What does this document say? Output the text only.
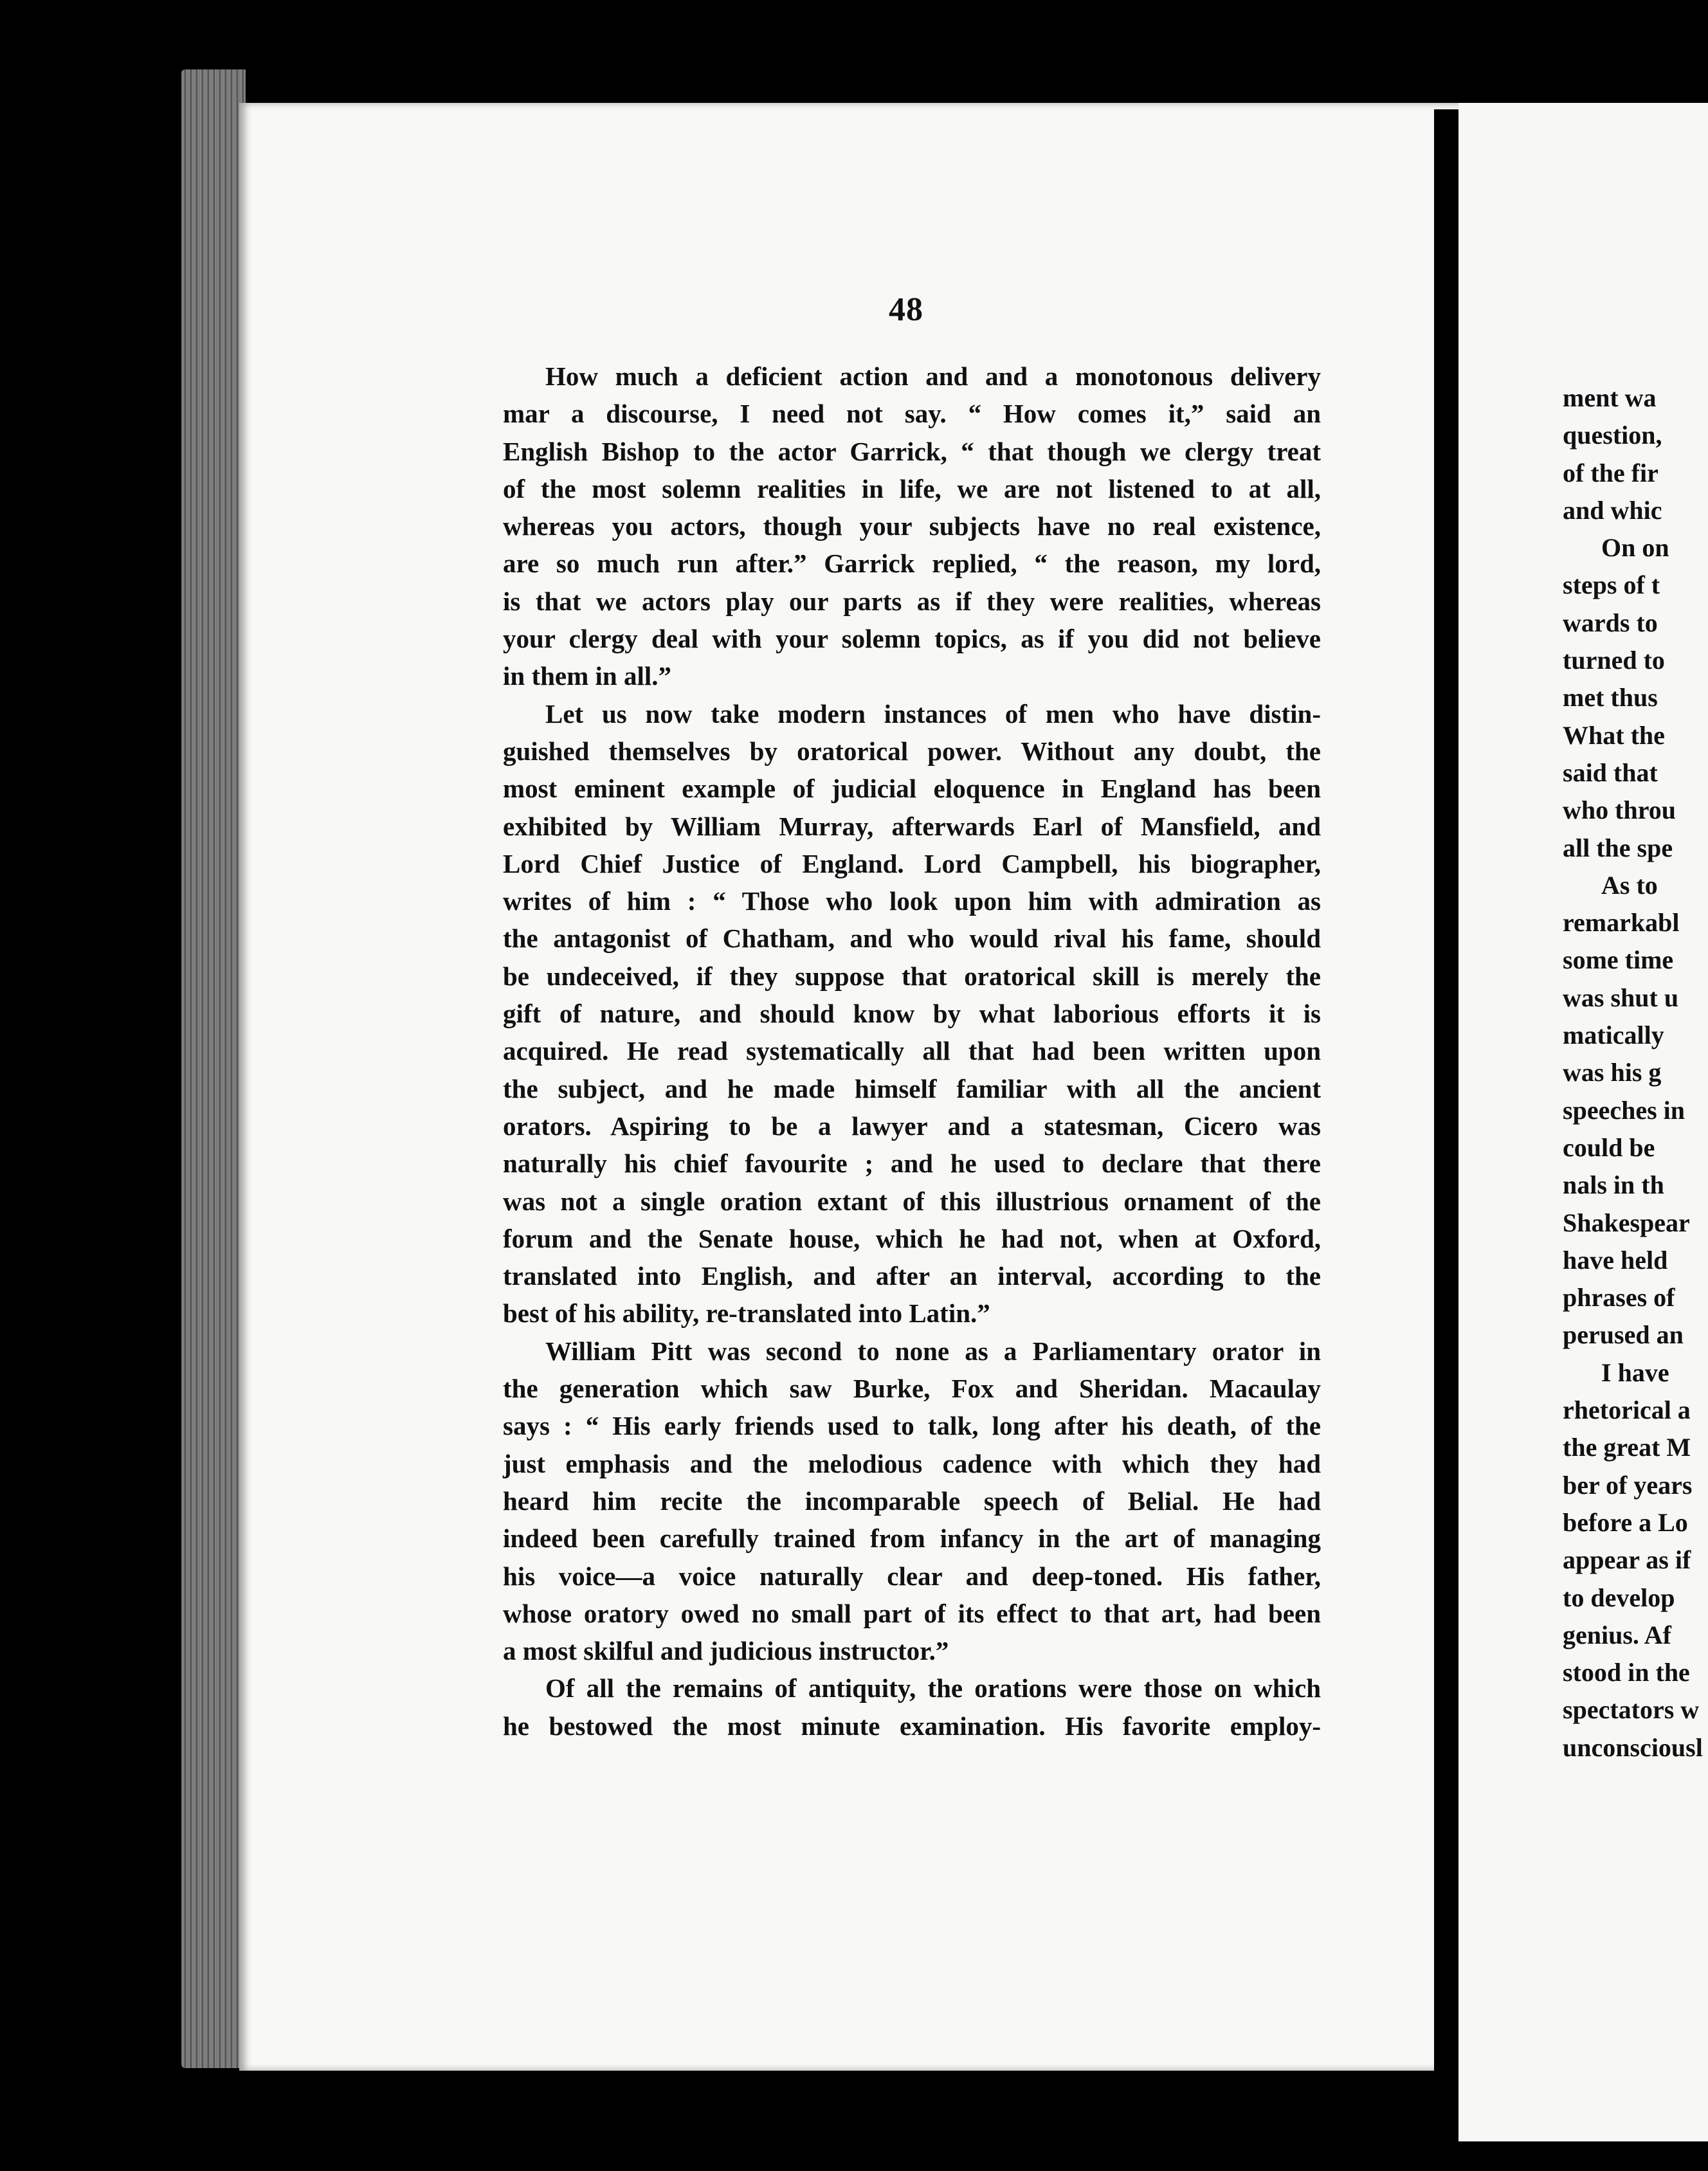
48
How much a deficient action and and a monotonous delivery
mar a discourse, I need not say. “ How comes it,” said an
English Bishop to the actor Garrick, “ that though we clergy treat
of the most solemn realities in life, we are not listened to at all,
whereas you actors, though your subjects have no real existence,
are so much run after.” Garrick replied, “ the reason, my lord,
is that we actors play our parts as if they were realities, whereas
your clergy deal with your solemn topics, as if you did not believe
in them in all.”
Let us now take modern instances of men who have distin-
guished themselves by oratorical power. Without any doubt, the
most eminent example of judicial eloquence in England has been
exhibited by William Murray, afterwards Earl of Mansfield, and
Lord Chief Justice of England. Lord Campbell, his biographer,
writes of him : “ Those who look upon him with admiration as
the antagonist of Chatham, and who would rival his fame, should
be undeceived, if they suppose that oratorical skill is merely the
gift of nature, and should know by what laborious efforts it is
acquired. He read systematically all that had been written upon
the subject, and he made himself familiar with all the ancient
orators. Aspiring to be a lawyer and a statesman, Cicero was
naturally his chief favourite ; and he used to declare that there
was not a single oration extant of this illustrious ornament of the
forum and the Senate house, which he had not, when at Oxford,
translated into English, and after an interval, according to the
best of his ability, re-translated into Latin.”
William Pitt was second to none as a Parliamentary orator in
the generation which saw Burke, Fox and Sheridan. Macaulay
says : “ His early friends used to talk, long after his death, of the
just emphasis and the melodious cadence with which they had
heard him recite the incomparable speech of Belial. He had
indeed been carefully trained from infancy in the art of managing
his voice—a voice naturally clear and deep-toned. His father,
whose oratory owed no small part of its effect to that art, had been
a most skilful and judicious instructor.”
Of all the remains of antiquity, the orations were those on which
he bestowed the most minute examination. His favorite employ-
ment wa
question,
of the fir
and whic
On on
steps of t
wards to
turned to
met thus
What the
said that
who throu
all the spe
As to
remarkabl
some time
was shut u
matically
was his g
speeches in
could be
nals in th
Shakespear
have held
phrases of
perused an
I have
rhetorical a
the great M
ber of years
before a Lo
appear as if
to develop
genius. Af
stood in the
spectators w
unconsciousl
